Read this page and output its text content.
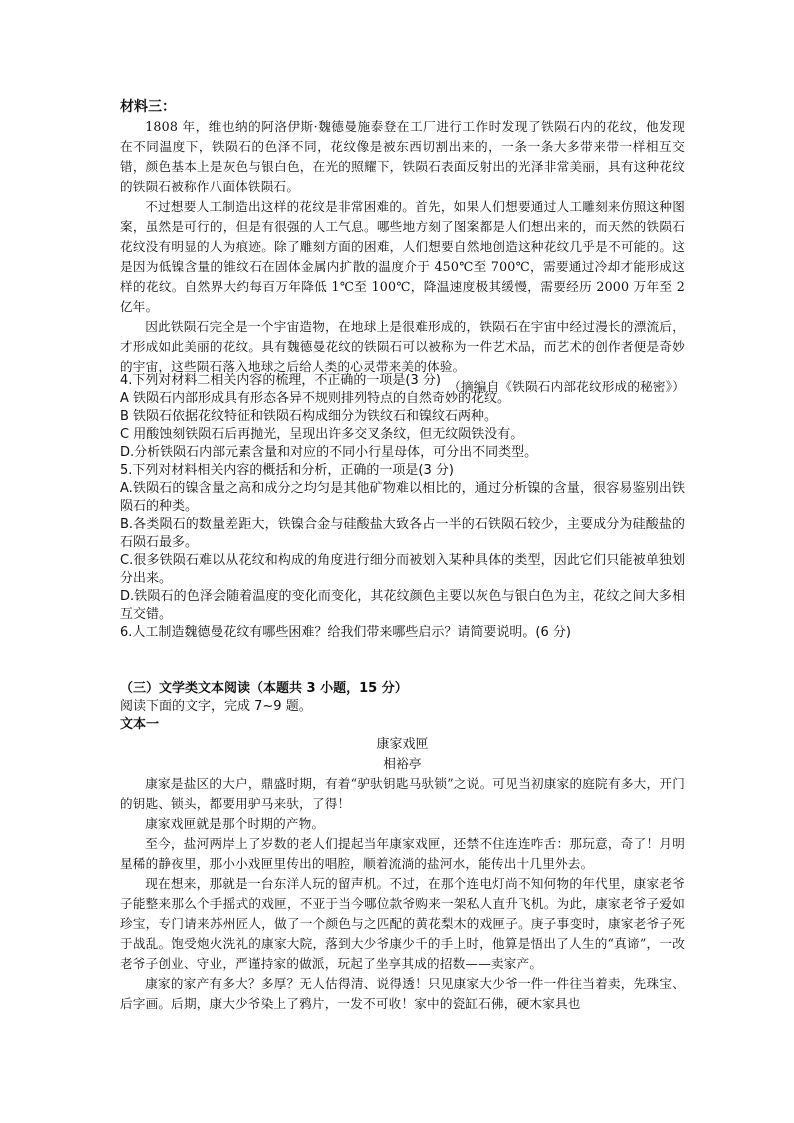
材料三：

1808 年，维也纳的阿洛伊斯·魏德曼施泰登在工厂进行工作时发现了铁陨石内的花纹，他发现在不同温度下，铁陨石的色泽不同，花纹像是被东西切割出来的，一条一条大多带来带一样相互交错，颜色基本上是灰色与银白色，在光的照耀下，铁陨石表面反射出的光泽非常美丽，具有这种花纹的铁陨石被称作八面体铁陨石。

不过想要人工制造出这样的花纹是非常困难的。首先，如果人们想要通过人工雕刻来仿照这种图案，虽然是可行的，但是有很强的人工气息。哪些地方刻了图案都是人们想出来的，而天然的铁陨石花纹没有明显的人为痕迹。除了雕刻方面的困难，人们想要自然地创造这种花纹几乎是不可能的。这是因为低镍含量的锥纹石在固体金属内扩散的温度介于 450℃至 700℃，需要通过冷却才能形成这样的花纹。自然界大约每百万年降低 1℃至 100℃，降温速度极其缓慢，需要经历 2000 万年至 2 亿年。

因此铁陨石完全是一个宇宙造物，在地球上是很难形成的，铁陨石在宇宙中经过漫长的漂流后，才形成如此美丽的花纹。具有魏德曼花纹的铁陨石可以被称为一件艺术品，而艺术的创作者便是奇妙的宇宙，这些陨石落入地球之后给人类的心灵带来美的体验。

（摘编自《铁陨石内部花纹形成的秘密》）

4.下列对材料二相关内容的梳理，不正确的一项是(3 分)

A 铁陨石内部形成具有形态各异不规则排列特点的自然奇妙的花纹。

B 铁陨石依据花纹特征和铁陨石构成细分为铁纹石和镍纹石两种。

C 用酸蚀刻铁陨石后再抛光，呈现出许多交叉条纹，但无纹陨铁没有。

D.分析铁陨石内部元素含量和对应的不同小行星母体，可分出不同类型。

5.下列对材料相关内容的概括和分析，正确的一项是(3 分)

A.铁陨石的镍含量之高和成分之均匀是其他矿物难以相比的，通过分析镍的含量，很容易鉴别出铁陨石的种类。

B.各类陨石的数量差距大，铁镍合金与硅酸盐大致各占一半的石铁陨石较少，主要成分为硅酸盐的石陨石最多。

C.很多铁陨石难以从花纹和构成的角度进行细分而被划入某种具体的类型，因此它们只能被单独划分出来。

D.铁陨石的色泽会随着温度的变化而变化，其花纹颜色主要以灰色与银白色为主，花纹之间大多相互交错。

6.人工制造魏德曼花纹有哪些困难？给我们带来哪些启示？请简要说明。(6 分)

（三）文学类文本阅读（本题共 3 小题，15 分）

阅读下面的文字，完成 7~9 题。

文本一

康家戏匣

相裕亭

康家是盐区的大户，鼎盛时期，有着“驴驮钥匙马驮锁”之说。可见当初康家的庭院有多大，开门的钥匙、锁头，都要用驴马来驮，了得！

康家戏匣就是那个时期的产物。

至今，盐河两岸上了岁数的老人们提起当年康家戏匣，还禁不住连连咋舌：那玩意，奇了！月明星稀的静夜里，那小小戏匣里传出的唱腔，顺着流淌的盐河水，能传出十几里外去。

现在想来，那就是一台东洋人玩的留声机。不过，在那个连电灯尚不知何物的年代里，康家老爷子能整来那么个手摇式的戏匣，不亚于当今哪位款爷购来一架私人直升飞机。为此，康家老爷子爱如珍宝，专门请来苏州匠人，做了一个颜色与之匹配的黄花梨木的戏匣子。庚子事变时，康家老爷子死于战乱。饱受炮火洗礼的康家大院，落到大少爷康少千的手上时，他算是悟出了人生的“真谛”，一改老爷子创业、守业，严谨持家的做派，玩起了坐享其成的招数——卖家产。

康家的家产有多大？多厚？无人估得清、说得透！只见康家大少爷一件一件往当着卖，先珠宝、后字画。后期，康大少爷染上了鸦片，一发不可收！家中的瓷缸石佛，硬木家具也
